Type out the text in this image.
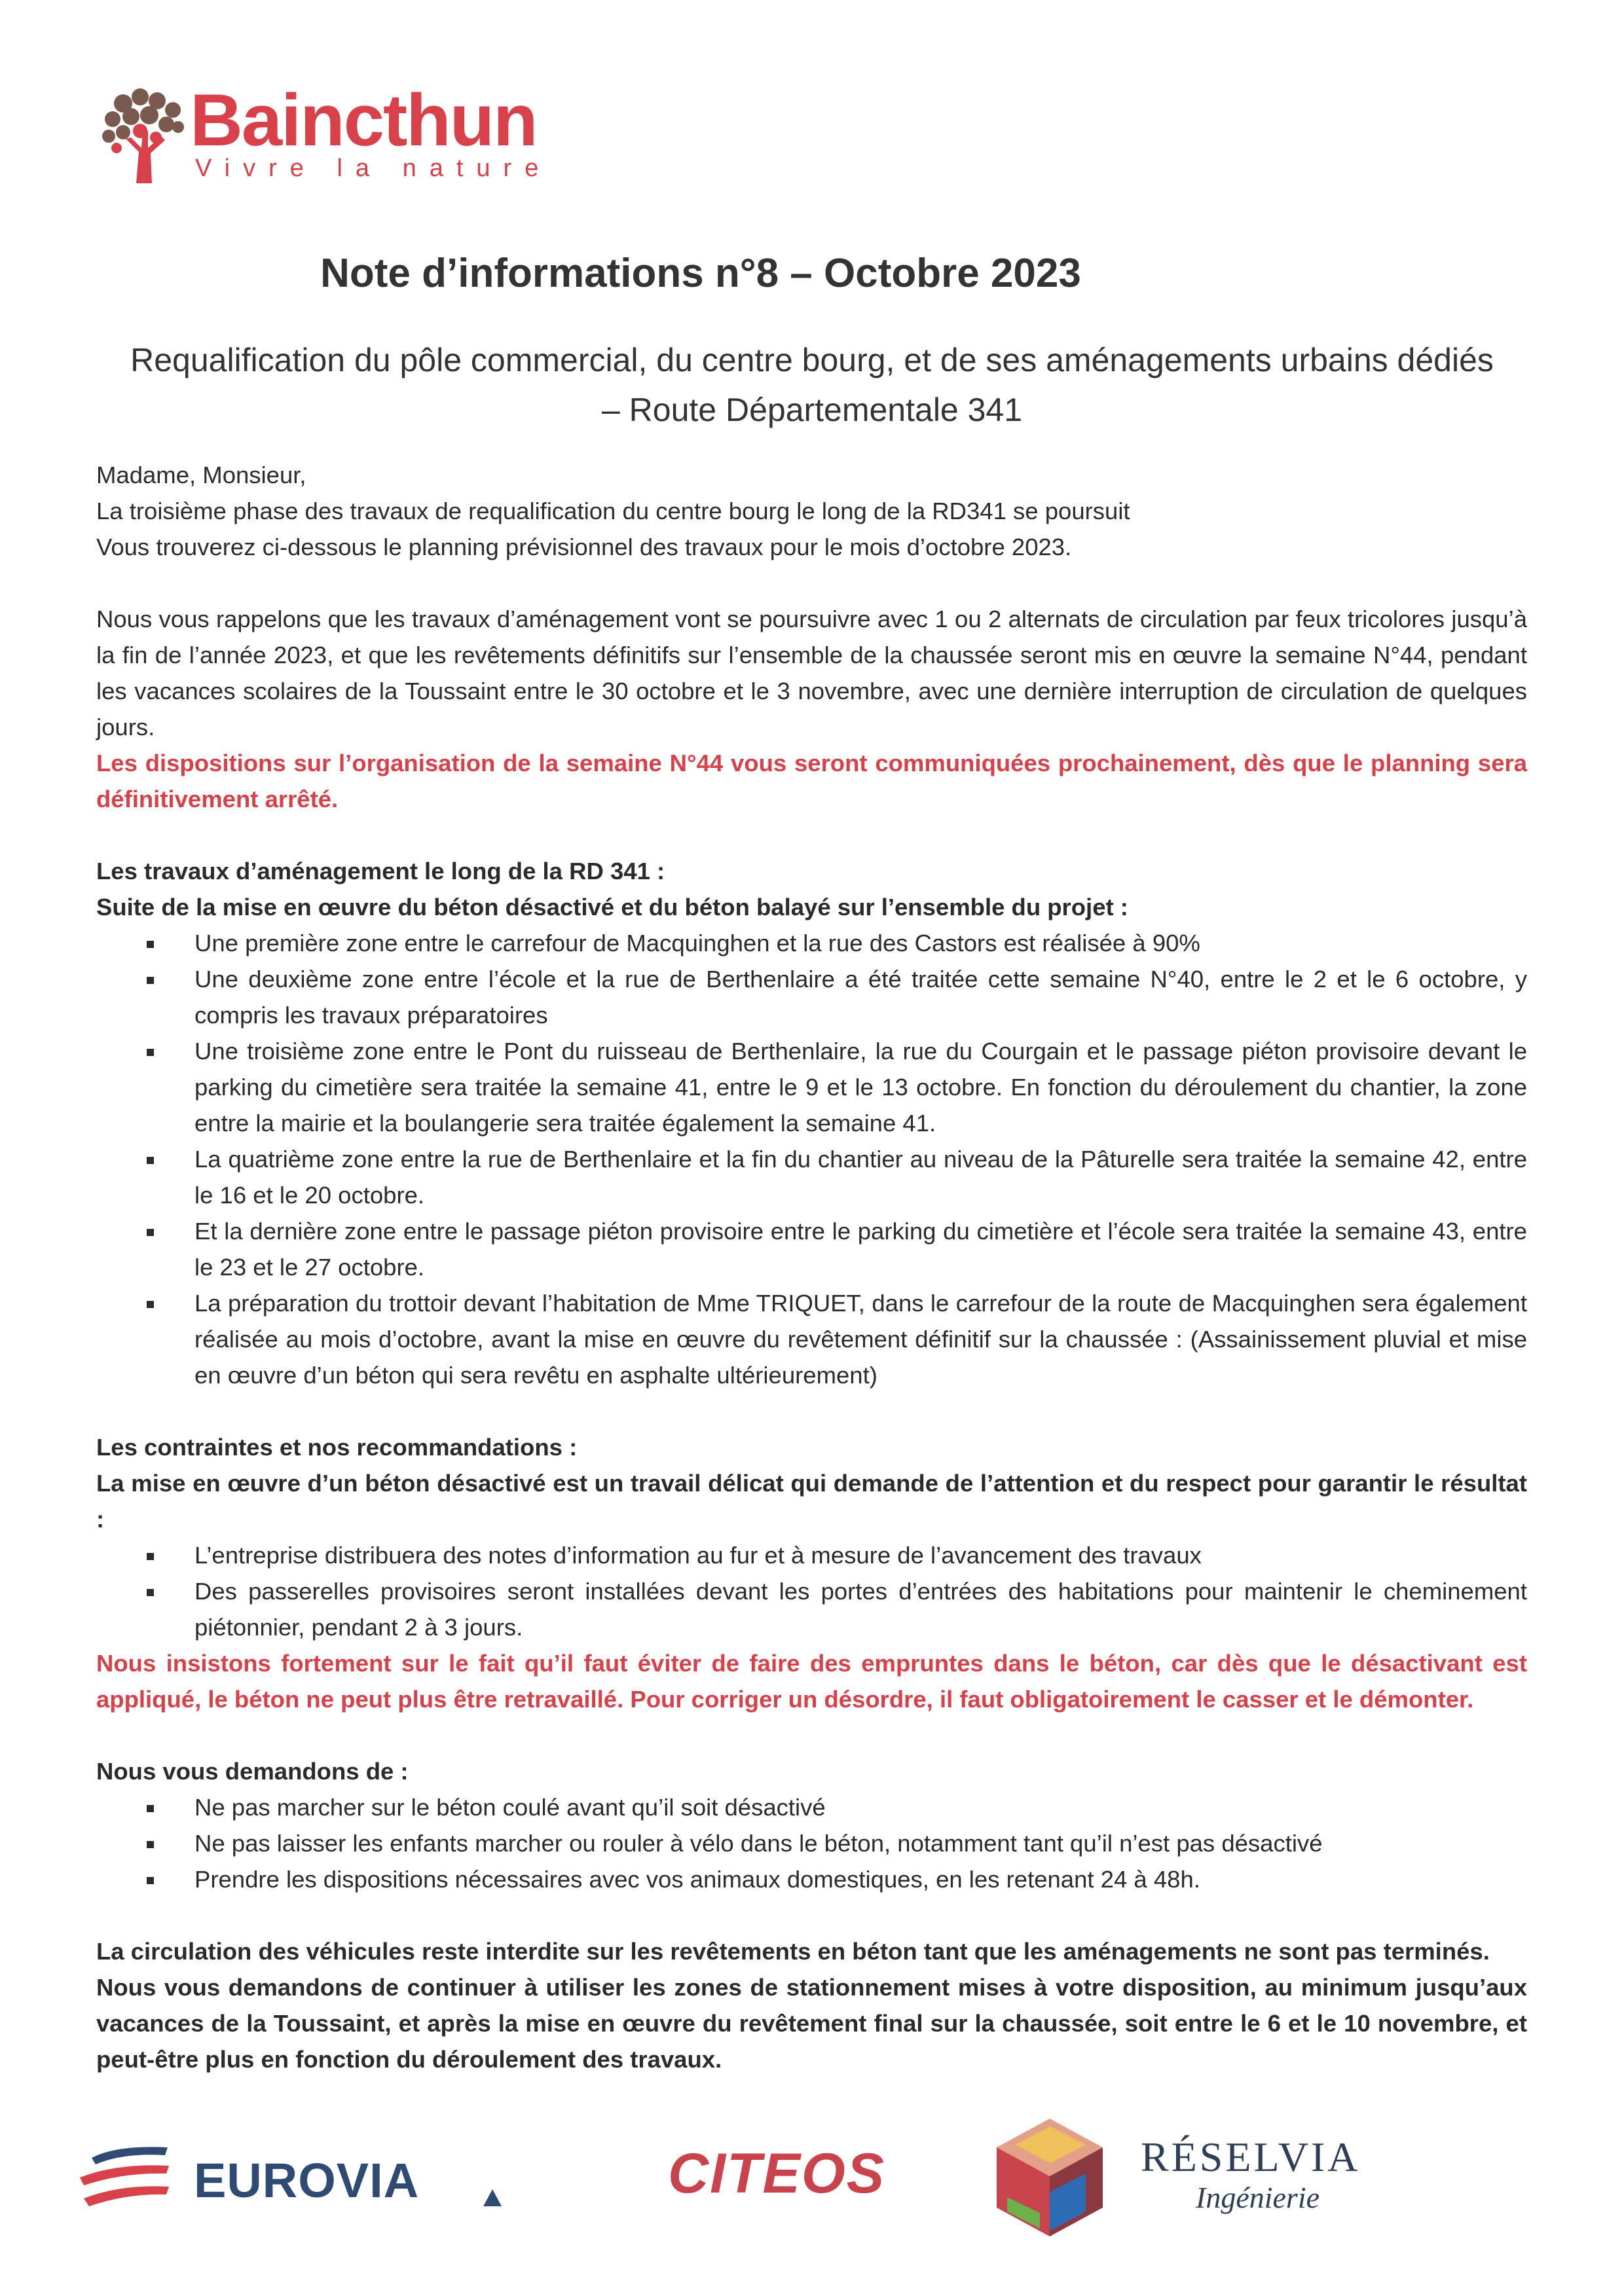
Baincthun
Vivre la nature
Note d’informations n°8 – Octobre 2023
Requalification du pôle commercial, du centre bourg, et de ses aménagements urbains dédiés – Route Départementale 341

Madame, Monsieur,

La troisième phase des travaux de requalification du centre bourg le long de la RD341 se poursuit

Vous trouverez ci-dessous le planning prévisionnel des travaux pour le mois d’octobre 2023.

Nous vous rappelons que les travaux d’aménagement vont se poursuivre avec 1 ou 2 alternats de circulation par feux tricolores jusqu’à la fin de l’année 2023, et que les revêtements définitifs sur l’ensemble de la chaussée seront mis en œuvre la semaine N°44, pendant les vacances scolaires de la Toussaint entre le 30 octobre et le 3 novembre, avec une dernière interruption de circulation de quelques jours.

Les dispositions sur l’organisation de la semaine N°44 vous seront communiquées prochainement, dès que le planning sera définitivement arrêté.

Les travaux d’aménagement le long de la RD 341 :

Suite de la mise en œuvre du béton désactivé et du béton balayé sur l’ensemble du projet :

Une première zone entre le carrefour de Macquinghen et la rue des Castors est réalisée à 90%
Une deuxième zone entre l’école et la rue de Berthenlaire a été traitée cette semaine N°40, entre le 2 et le 6 octobre, y compris les travaux préparatoires
Une troisième zone entre le Pont du ruisseau de Berthenlaire, la rue du Courgain et le passage piéton provisoire devant le parking du cimetière sera traitée la semaine 41, entre le 9 et le 13 octobre. En fonction du déroulement du chantier, la zone entre la mairie et la boulangerie sera traitée également la semaine 41.
La quatrième zone entre la rue de Berthenlaire et la fin du chantier au niveau de la Pâturelle sera traitée la semaine 42, entre le 16 et le 20 octobre.
Et la dernière zone entre le passage piéton provisoire entre le parking du cimetière et l’école sera traitée la semaine 43, entre le 23 et le 27 octobre.
La préparation du trottoir devant l’habitation de Mme TRIQUET, dans le carrefour de la route de Macquinghen sera également réalisée au mois d’octobre, avant la mise en œuvre du revêtement définitif sur la chaussée : (Assainissement pluvial et mise en œuvre d’un béton qui sera revêtu en asphalte ultérieurement)

Les contraintes et nos recommandations :

La mise en œuvre d’un béton désactivé est un travail délicat qui demande de l’attention et du respect pour garantir le résultat :

L’entreprise distribuera des notes d’information au fur et à mesure de l’avancement des travaux
Des passerelles provisoires seront installées devant les portes d’entrées des habitations pour maintenir le cheminement piétonnier, pendant 2 à 3 jours.

Nous insistons fortement sur le fait qu’il faut éviter de faire des empruntes dans le béton, car dès que le désactivant est appliqué, le béton ne peut plus être retravaillé. Pour corriger un désordre, il faut obligatoirement le casser et le démonter.

Nous vous demandons de :

Ne pas marcher sur le béton coulé avant qu’il soit désactivé
Ne pas laisser les enfants marcher ou rouler à vélo dans le béton, notamment tant qu’il n’est pas désactivé
Prendre les dispositions nécessaires avec vos animaux domestiques, en les retenant 24 à 48h.

La circulation des véhicules reste interdite sur les revêtements en béton tant que les aménagements ne sont pas terminés.

Nous vous demandons de continuer à utiliser les zones de stationnement mises à votre disposition, au minimum jusqu’aux vacances de la Toussaint, et après la mise en œuvre du revêtement final sur la chaussée, soit entre le 6 et le 10 novembre, et peut-être plus en fonction du déroulement des travaux.

EUROVIA	CITEOS	RÉSELVIA
Ingénierie
